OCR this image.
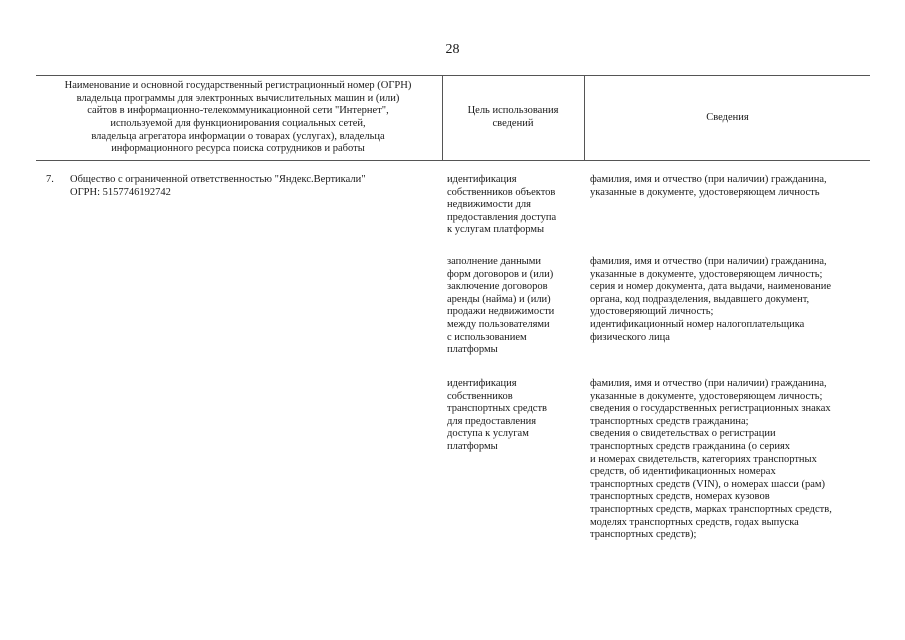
28
Наименование и основной государственный регистрационный номер (ОГРН)
владельца программы для электронных вычислительных машин и (или)
сайтов в информационно-телекоммуникационной сети "Интернет",
используемой для функционирования социальных сетей,
владельца агрегатора информации о товарах (услугах), владельца
информационного ресурса поиска сотрудников и работы
Цель использования
сведений
Сведения
7. Общество с ограниченной ответственностью "Яндекс.Вертикали"
ОГРН: 5157746192742
идентификация
собственников объектов
недвижимости для
предоставления доступа
к услугам платформы
фамилия, имя и отчество (при наличии) гражданина,
указанные в документе, удостоверяющем личность
заполнение данными
форм договоров и (или)
заключение договоров
аренды (найма) и (или)
продажи недвижимости
между пользователями
с использованием
платформы
фамилия, имя и отчество (при наличии) гражданина,
указанные в документе, удостоверяющем личность;
серия и номер документа, дата выдачи, наименование
органа, код подразделения, выдавшего документ,
удостоверяющий личность;
идентификационный номер налогоплательщика
физического лица
идентификация
собственников
транспортных средств
для предоставления
доступа к услугам
платформы
фамилия, имя и отчество (при наличии) гражданина,
указанные в документе, удостоверяющем личность;
сведения о государственных регистрационных знаках
транспортных средств гражданина;
сведения о свидетельствах о регистрации
транспортных средств гражданина (о сериях
и номерах свидетельств, категориях транспортных
средств, об идентификационных номерах
транспортных средств (VIN), о номерах шасси (рам)
транспортных средств, номерах кузовов
транспортных средств, марках транспортных средств,
моделях транспортных средств, годах выпуска
транспортных средств);
